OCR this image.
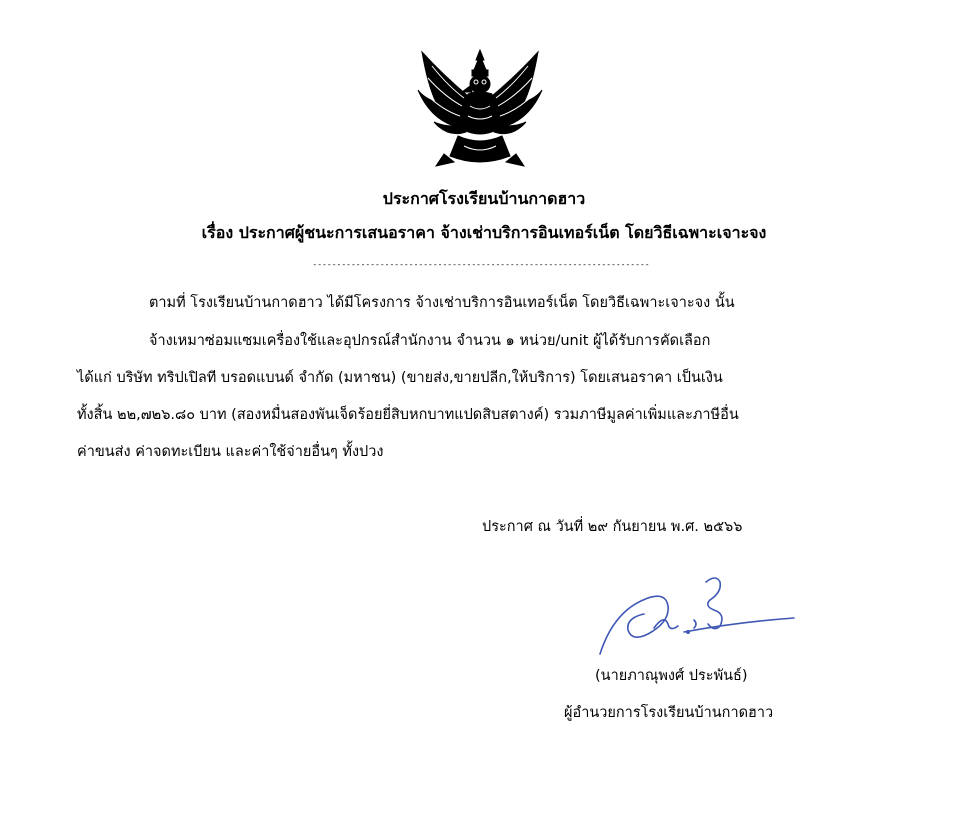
ประกาศโรงเรียนบ้านกาดฮาว
เรื่อง ประกาศผู้ชนะการเสนอราคา จ้างเช่าบริการอินเทอร์เน็ต โดยวิธีเฉพาะเจาะจง
----------------------------------------------------------------------
ตามที่ โรงเรียนบ้านกาดฮาว ได้มีโครงการ จ้างเช่าบริการอินเทอร์เน็ต โดยวิธีเฉพาะเจาะจง นั้น
จ้างเหมาซ่อมแซมเครื่องใช้และอุปกรณ์สำนักงาน จำนวน ๑ หน่วย/unit ผู้ได้รับการคัดเลือก
ได้แก่ บริษัท ทริปเปิลที บรอดแบนด์ จำกัด (มหาชน) (ขายส่ง,ขายปลีก,ให้บริการ) โดยเสนอราคา เป็นเงิน
ทั้งสิ้น ๒๒,๗๒๖.๘๐ บาท (สองหมื่นสองพันเจ็ดร้อยยี่สิบหกบาทแปดสิบสตางค์) รวมภาษีมูลค่าเพิ่มและภาษีอื่น
ค่าขนส่ง ค่าจดทะเบียน และค่าใช้จ่ายอื่นๆ ทั้งปวง
ประกาศ ณ วันที่ ๒๙ กันยายน พ.ศ. ๒๕๖๖
(นายภาณุพงศ์ ประพันธ์)
ผู้อำนวยการโรงเรียนบ้านกาดฮาว
